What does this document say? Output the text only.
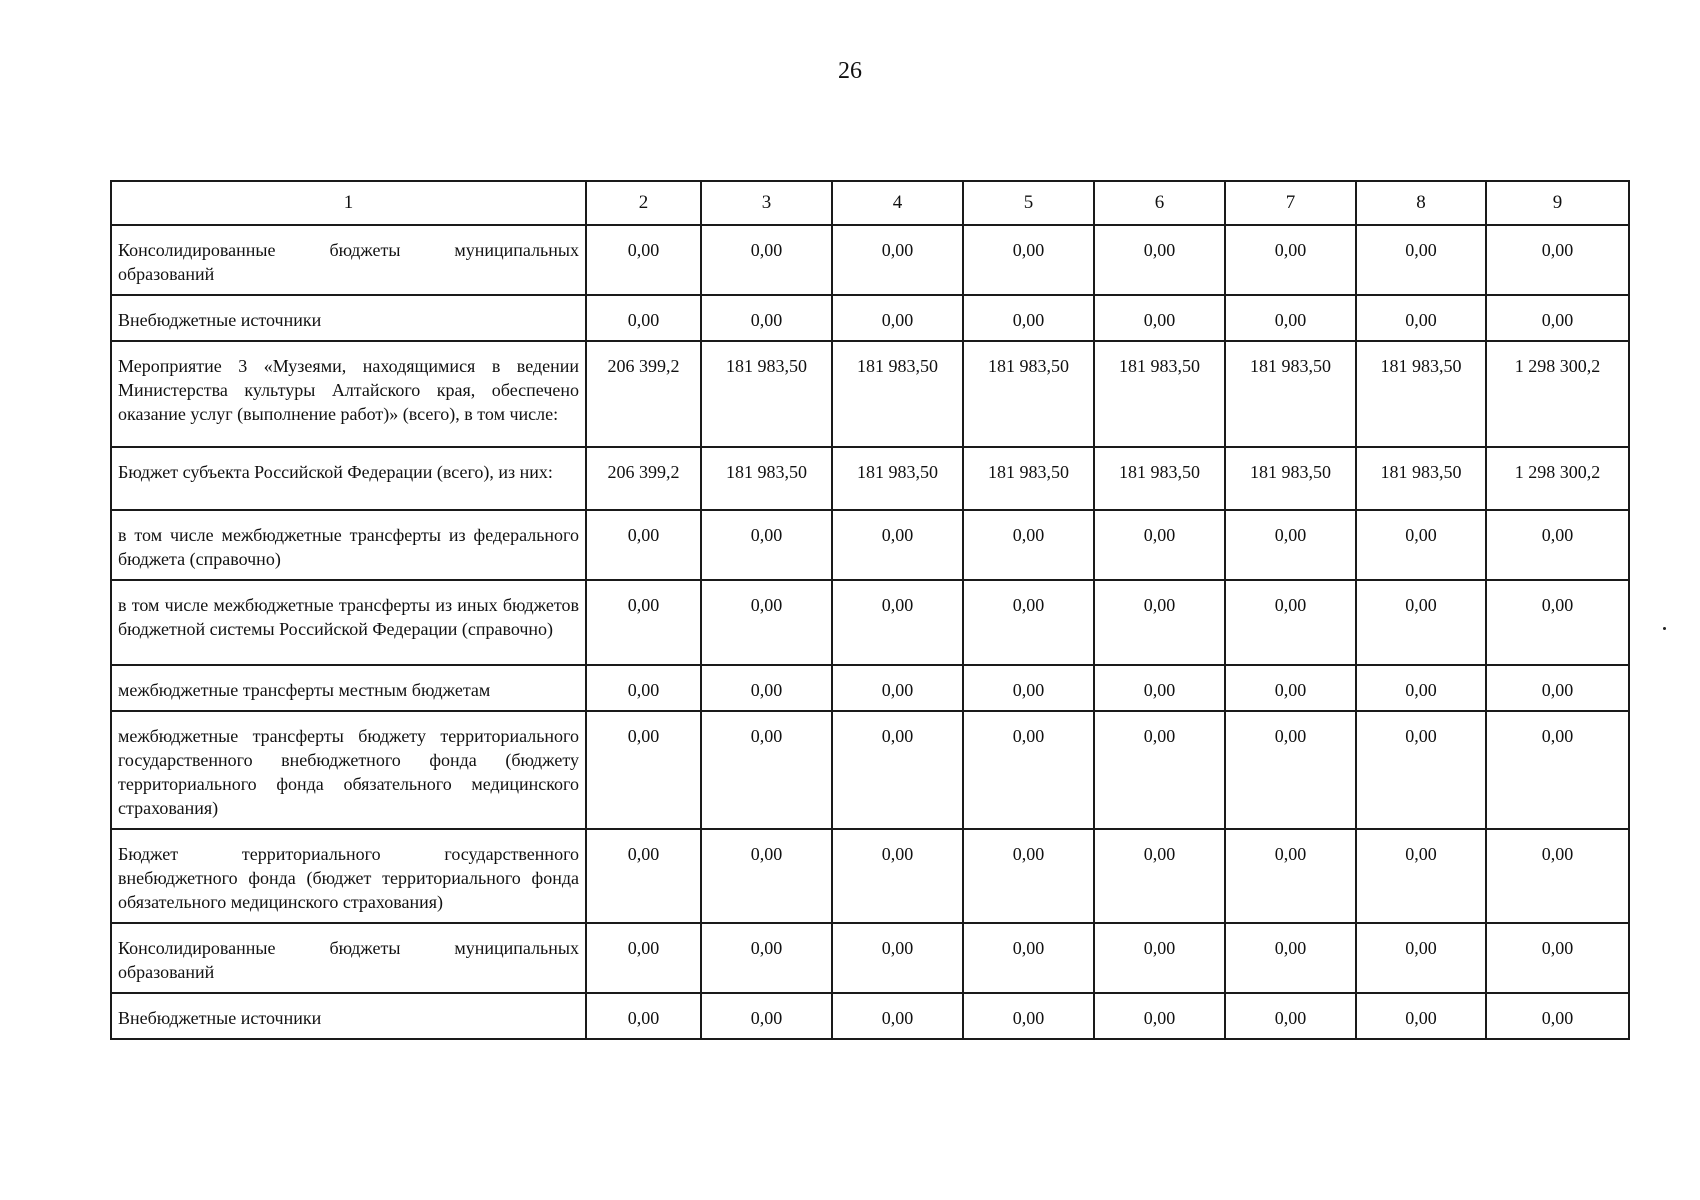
26
1	2	3	4	5	6	7	8	9
Консолидированные бюджеты муниципальных образований	0,00	0,00	0,00	0,00	0,00	0,00	0,00	0,00
Внебюджетные источники	0,00	0,00	0,00	0,00	0,00	0,00	0,00	0,00
Мероприятие 3 «Музеями, находящимися в ведении Министерства культуры Алтайского края, обеспечено оказание услуг (выполнение работ)» (всего), в том числе:	206 399,2	181 983,50	181 983,50	181 983,50	181 983,50	181 983,50	181 983,50	1 298 300,2
Бюджет субъекта Российской Федерации (всего), из них:	206 399,2	181 983,50	181 983,50	181 983,50	181 983,50	181 983,50	181 983,50	1 298 300,2
в том числе межбюджетные трансферты из федерального бюджета (справочно)	0,00	0,00	0,00	0,00	0,00	0,00	0,00	0,00
в том числе межбюджетные трансферты из иных бюджетов бюджетной системы Российской Федерации (справочно)	0,00	0,00	0,00	0,00	0,00	0,00	0,00	0,00
межбюджетные трансферты местным бюджетам	0,00	0,00	0,00	0,00	0,00	0,00	0,00	0,00
межбюджетные трансферты бюджету территориального государственного внебюджетного фонда (бюджету территориального фонда обязательного медицинского страхования)	0,00	0,00	0,00	0,00	0,00	0,00	0,00	0,00
Бюджет территориального государственного внебюджетного фонда (бюджет территориального фонда обязательного медицинского страхования)	0,00	0,00	0,00	0,00	0,00	0,00	0,00	0,00
Консолидированные бюджеты муниципальных образований	0,00	0,00	0,00	0,00	0,00	0,00	0,00	0,00
Внебюджетные источники	0,00	0,00	0,00	0,00	0,00	0,00	0,00	0,00
